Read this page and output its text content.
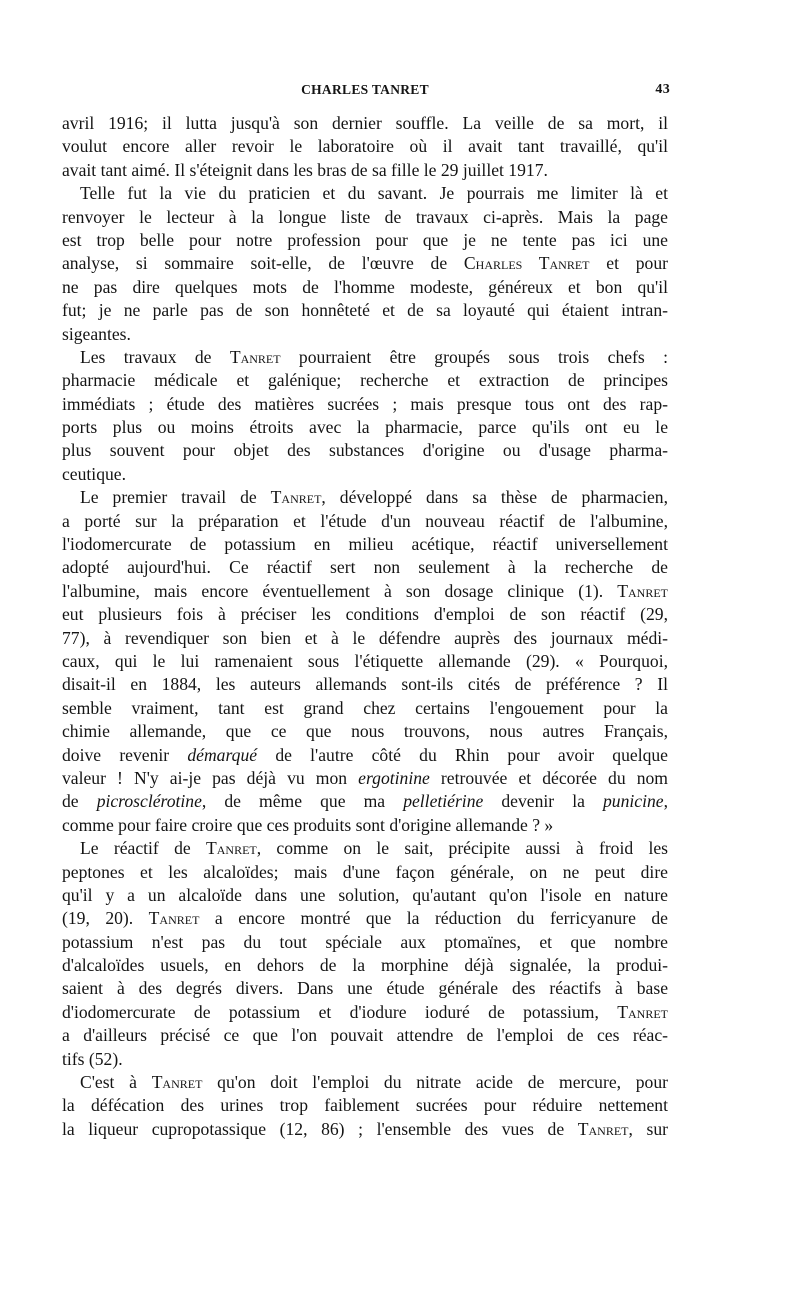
CHARLES TANRET	43
avril 1916; il lutta jusqu'à son dernier souffle. La veille de sa mort, il
voulut encore aller revoir le laboratoire où il avait tant travaillé, qu'il
avait tant aimé. Il s'éteignit dans les bras de sa fille le 29 juillet 1917.
Telle fut la vie du praticien et du savant. Je pourrais me limiter là et
renvoyer le lecteur à la longue liste de travaux ci-après. Mais la page
est trop belle pour notre profession pour que je ne tente pas ici une
analyse, si sommaire soit-elle, de l'œuvre de Charles Tanret et pour
ne pas dire quelques mots de l'homme modeste, généreux et bon qu'il
fut; je ne parle pas de son honnêteté et de sa loyauté qui étaient intran-
sigeantes.
Les travaux de Tanret pourraient être groupés sous trois chefs :
pharmacie médicale et galénique; recherche et extraction de principes
immédiats ; étude des matières sucrées ; mais presque tous ont des rap-
ports plus ou moins étroits avec la pharmacie, parce qu'ils ont eu le
plus souvent pour objet des substances d'origine ou d'usage pharma-
ceutique.
Le premier travail de Tanret, développé dans sa thèse de pharmacien,
a porté sur la préparation et l'étude d'un nouveau réactif de l'albumine,
l'iodomercurate de potassium en milieu acétique, réactif universellement
adopté aujourd'hui. Ce réactif sert non seulement à la recherche de
l'albumine, mais encore éventuellement à son dosage clinique (1). Tanret
eut plusieurs fois à préciser les conditions d'emploi de son réactif (29,
77), à revendiquer son bien et à le défendre auprès des journaux médi-
caux, qui le lui ramenaient sous l'étiquette allemande (29). « Pourquoi,
disait-il en 1884, les auteurs allemands sont-ils cités de préférence ? Il
semble vraiment, tant est grand chez certains l'engouement pour la
chimie allemande, que ce que nous trouvons, nous autres Français,
doive revenir démarqué de l'autre côté du Rhin pour avoir quelque
valeur ! N'y ai-je pas déjà vu mon ergotinine retrouvée et décorée du nom
de picrosclérotine, de même que ma pelletiérine devenir la punicine,
comme pour faire croire que ces produits sont d'origine allemande ? »
Le réactif de Tanret, comme on le sait, précipite aussi à froid les
peptones et les alcaloïdes; mais d'une façon générale, on ne peut dire
qu'il y a un alcaloïde dans une solution, qu'autant qu'on l'isole en nature
(19, 20). Tanret a encore montré que la réduction du ferricyanure de
potassium n'est pas du tout spéciale aux ptomaïnes, et que nombre
d'alcaloïdes usuels, en dehors de la morphine déjà signalée, la produi-
saient à des degrés divers. Dans une étude générale des réactifs à base
d'iodomercurate de potassium et d'iodure ioduré de potassium, Tanret
a d'ailleurs précisé ce que l'on pouvait attendre de l'emploi de ces réac-
tifs (52).
C'est à Tanret qu'on doit l'emploi du nitrate acide de mercure, pour
la défécation des urines trop faiblement sucrées pour réduire nettement
la liqueur cupropotassique (12, 86) ; l'ensemble des vues de Tanret, sur
